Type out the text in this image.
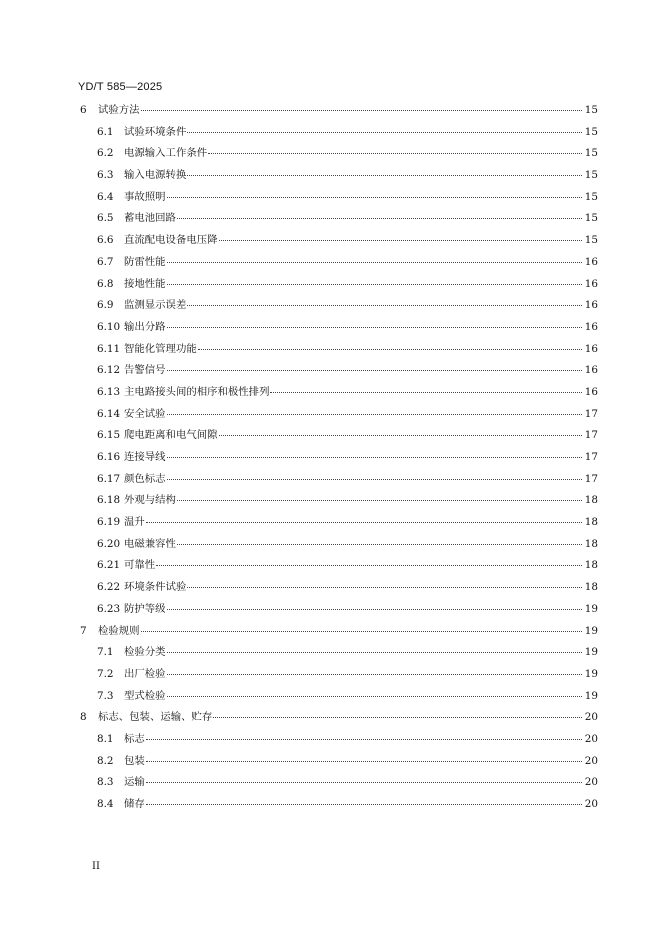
YD/T 585—2025
6	试验方法	15
6.1	试验环境条件	15
6.2	电源输入工作条件	15
6.3	输入电源转换	15
6.4	事故照明	15
6.5	蓄电池回路	15
6.6	直流配电设备电压降	15
6.7	防雷性能	16
6.8	接地性能	16
6.9	监测显示误差	16
6.10 输出分路	16
6.11 智能化管理功能	16
6.12 告警信号	16
6.13 主电路接头间的相序和极性排列	16
6.14 安全试验	17
6.15 爬电距离和电气间隙	17
6.16 连接导线	17
6.17 颜色标志	17
6.18 外观与结构	18
6.19 温升	18
6.20 电磁兼容性	18
6.21 可靠性	18
6.22 环境条件试验	18
6.23 防护等级	19
7	检验规则	19
7.1	检验分类	19
7.2	出厂检验	19
7.3	型式检验	19
8	标志、包装、运输、贮存	20
8.1	标志	20
8.2	包装	20
8.3	运输	20
8.4	储存	20
II
